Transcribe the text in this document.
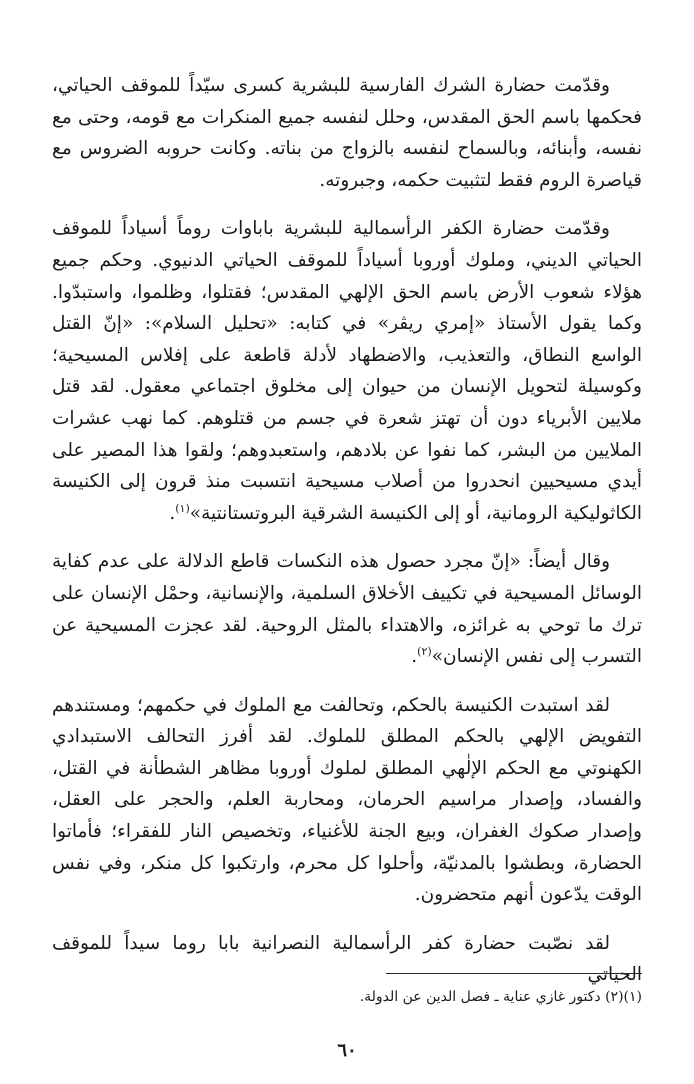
وقدّمت حضارة الشرك الفارسية للبشرية كسرى سيّداً للموقف الحياتي، فحكمها باسم الحق المقدس، وحلل لنفسه جميع المنكرات مع قومه، وحتى مع نفسه، وأبنائه، وبالسماح لنفسه بالزواج من بناته. وكانت حروبه الضروس مع قياصرة الروم فقط لتثبيت حكمه، وجبروته.

وقدّمت حضارة الكفر الرأسمالية للبشرية باباوات روماً أسياداً للموقف الحياتي الديني، وملوك أوروبا أسياداً للموقف الحياتي الدنيوي. وحكم جميع هؤلاء شعوب الأرض باسم الحق الإلهي المقدس؛ فقتلوا، وظلموا، واستبدّوا. وكما يقول الأستاذ «إمري ريڤر» في كتابه: «تحليل السلام»: «إنّ القتل الواسع النطاق، والتعذيب، والاضطهاد لأدلة قاطعة على إفلاس المسيحية؛ وكوسيلة لتحويل الإنسان من حيوان إلى مخلوق اجتماعي معقول. لقد قتل ملايين الأبرياء دون أن تهتز شعرة في جسم من قتلوهم. كما نهب عشرات الملايين من البشر، كما نفوا عن بلادهم، واستعبدوهم؛ ولقوا هذا المصير على أيدي مسيحيين انحدروا من أصلاب مسيحية انتسبت منذ قرون إلى الكنيسة الكاثوليكية الرومانية، أو إلى الكنيسة الشرقية البروتستانتية»$^{(١)}$.

وقال أيضاً: «إنّ مجرد حصول هذه النكسات قاطع الدلالة على عدم كفاية الوسائل المسيحية في تكييف الأخلاق السلمية، والإنسانية، وحمْل الإنسان على ترك ما توحي به غرائزه، والاهتداء بالمثل الروحية. لقد عجزت المسيحية عن التسرب إلى نفس الإنسان»$^{(٢)}$.

لقد استبدت الكنيسة بالحكم، وتحالفت مع الملوك في حكمهم؛ ومستندهم التفويض الإلهي بالحكم المطلق للملوك. لقد أفرز التحالف الاستبدادي الكهنوتي مع الحكم الإلٰهي المطلق لملوك أوروبا مظاهر الشطأنة في القتل، والفساد، وإصدار مراسيم الحرمان، ومحاربة العلم، والحجر على العقل، وإصدار صكوك الغفران، وبيع الجنة للأغنياء، وتخصيص النار للفقراء؛ فأماتوا الحضارة، وبطشوا بالمدنيّة، وأحلوا كل محرم، وارتكبوا كل منكر، وفي نفس الوقت يدّعون أنهم متحضرون.

لقد نصّبت حضارة كفر الرأسمالية النصرانية بابا روما سيداً للموقف الحياتي

(١)(٢) دكتور غازي عناية ـ فصل الدين عن الدولة.
٦٠
